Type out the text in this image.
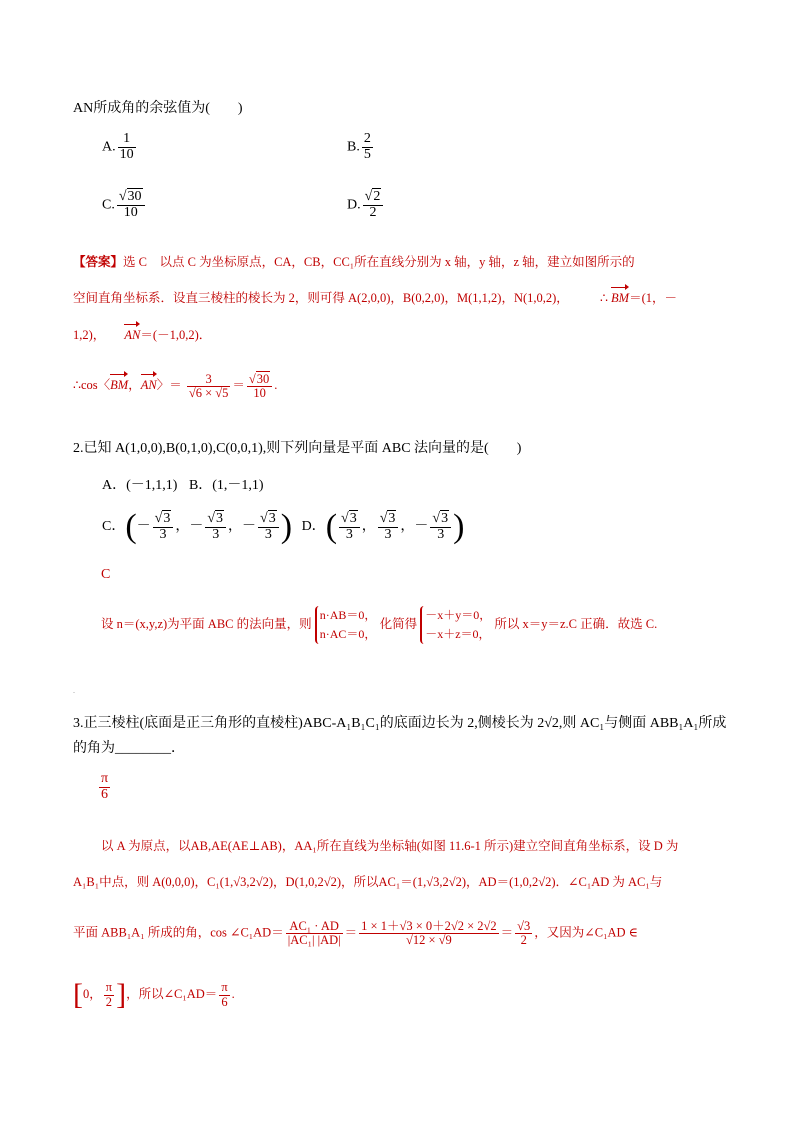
AN所成角的余弦值为(　　)
A. $\frac{1}{10}$	B. $\frac{2}{5}$
C. $\frac{√30}{10}$	D. $\frac{√2}{2}$
【答案】选 C　以点 C 为坐标原点，CA，CB，CC₁所在直线分别为 x 轴，y 轴，z 轴，建立如图所示的
空间直角坐标系．设直三棱柱的棱长为 2，则可得 A(2,0,0)，B(0,2,0)，M(1,1,2)，N(1,0,2)， ∴ BM＝(1，－
1,2)， AN＝(－1,0,2)．
∴cos〈BM，AN〉＝ $\frac{3}{√6 \times √5} = \frac{√30}{10}$ .
2.已知 A(1,0,0),B(0,1,0),C(0,0,1),则下列向量是平面 ABC 法向量的是(　　)
A．(－1,1,1) B．(1,－1,1)
C．(－ $\frac{√3}{3}$ ，－ $\frac{√3}{3}$ ，－ $\frac{√3}{3}$ ) D．( $\frac{√3}{3}$ ， $\frac{√3}{3}$ ，－ $\frac{√3}{3}$ )
C
设 n＝(x,y,z)为平面 ABC 的法向量，则
n·AB＝0，
n·AC＝0，
化简得
－x＋y＝0，
－x＋z＝0，
所以 x＝y＝z.C 正确．故选 C.
.
3.正三棱柱(底面是正三角形的直棱柱)ABC-A₁B₁C₁的底面边长为 2,侧棱长为 2√2,则 AC₁与侧面 ABB₁A₁所成
的角为________．
$\frac{\pi}{6}$
以 A 为原点，以AB,AE(AE⊥AB)，AA₁所在直线为坐标轴(如图 11.6-1 所示)建立空间直角坐标系，设 D 为
A₁B₁中点，则 A(0,0,0)，C₁(1,√3,2√2)，D(1,0,2√2)，所以AC₁＝(1,√3,2√2)，AD＝(1,0,2√2)．∠C₁AD 为 AC₁与
平面 ABB₁A₁ 所成的角，cos ∠C₁AD＝ $\frac{\text{AC₁ · AD}}{\text{|AC₁| |AD|}} = \frac{1 \times 1+√3 \times 0+2√2 \times 2√2}{√12 \times √9} = \frac{√3}{2}$ ，又因为∠C₁AD ∈
[0， $\frac{\pi}{2}$ ]，所以∠C₁AD＝ $\frac{\pi}{6}$ .
